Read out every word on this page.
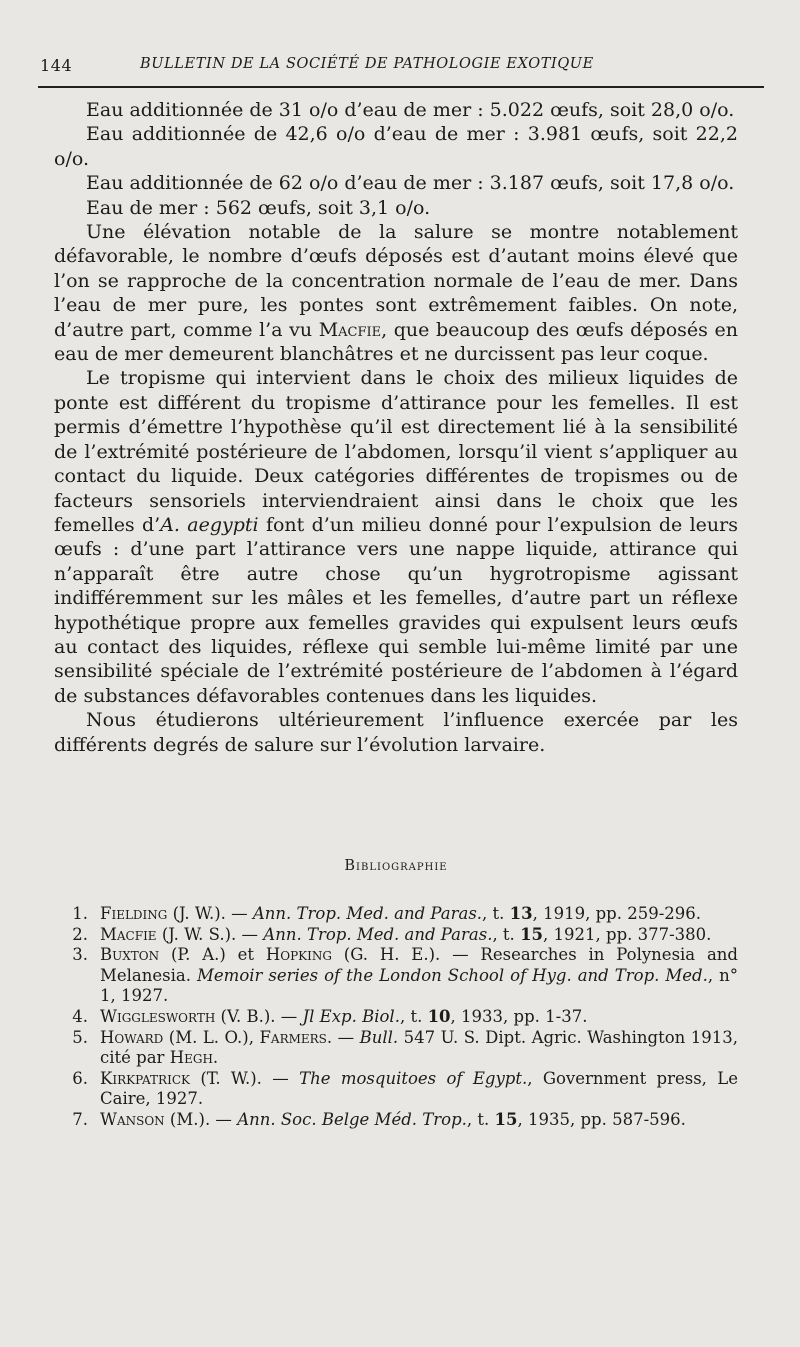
144	BULLETIN DE LA SOCIÉTÉ DE PATHOLOGIE EXOTIQUE

Eau additionnée de 31 o/o d’eau de mer : 5.022 œufs, soit 28,0 o/o.

Eau additionnée de 42,6 o/o d’eau de mer : 3.981 œufs, soit 22,2 o/o.

Eau additionnée de 62 o/o d’eau de mer : 3.187 œufs, soit 17,8 o/o.

Eau de mer : 562 œufs, soit 3,1 o/o.

Une élévation notable de la salure se montre notablement défavorable, le nombre d’œufs déposés est d’autant moins élevé que l’on se rapproche de la concentration normale de l’eau de mer. Dans l’eau de mer pure, les pontes sont extrêmement faibles. On note, d’autre part, comme l’a vu Macfie, que beaucoup des œufs déposés en eau de mer demeurent blanchâtres et ne durcissent pas leur coque.

Le tropisme qui intervient dans le choix des milieux liquides de ponte est différent du tropisme d’attirance pour les femelles. Il est permis d’émettre l’hypothèse qu’il est directement lié à la sensibilité de l’extrémité postérieure de l’abdomen, lorsqu’il vient s’appliquer au contact du liquide. Deux catégories différentes de tropismes ou de facteurs sensoriels interviendraient ainsi dans le choix que les femelles d’A. aegypti font d’un milieu donné pour l’expulsion de leurs œufs : d’une part l’attirance vers une nappe liquide, attirance qui n’apparaît être autre chose qu’un hygrotropisme agissant indifféremment sur les mâles et les femelles, d’autre part un réflexe hypothétique propre aux femelles gravides qui expulsent leurs œufs au contact des liquides, réflexe qui semble lui-même limité par une sensibilité spéciale de l’extrémité postérieure de l’abdomen à l’égard de substances défavorables contenues dans les liquides.

Nous étudierons ultérieurement l’influence exercée par les différents degrés de salure sur l’évolution larvaire.

Bibliographie
1. Fielding (J. W.). — Ann. Trop. Med. and Paras., t. 13, 1919, pp. 259-296.
2. Macfie (J. W. S.). — Ann. Trop. Med. and Paras., t. 15, 1921, pp. 377-380.
3. Buxton (P. A.) et Hopking (G. H. E.). — Researches in Polynesia and Melanesia. Memoir series of the London School of Hyg. and Trop. Med., n° 1, 1927.
4. Wigglesworth (V. B.). — Jl Exp. Biol., t. 10, 1933, pp. 1-37.
5. Howard (M. L. O.), Farmers. — Bull. 547 U. S. Dipt. Agric. Washington 1913, cité par Hegh.
6. Kirkpatrick (T. W.). — The mosquitoes of Egypt., Government press, Le Caire, 1927.
7. Wanson (M.). — Ann. Soc. Belge Méd. Trop., t. 15, 1935, pp. 587-596.
